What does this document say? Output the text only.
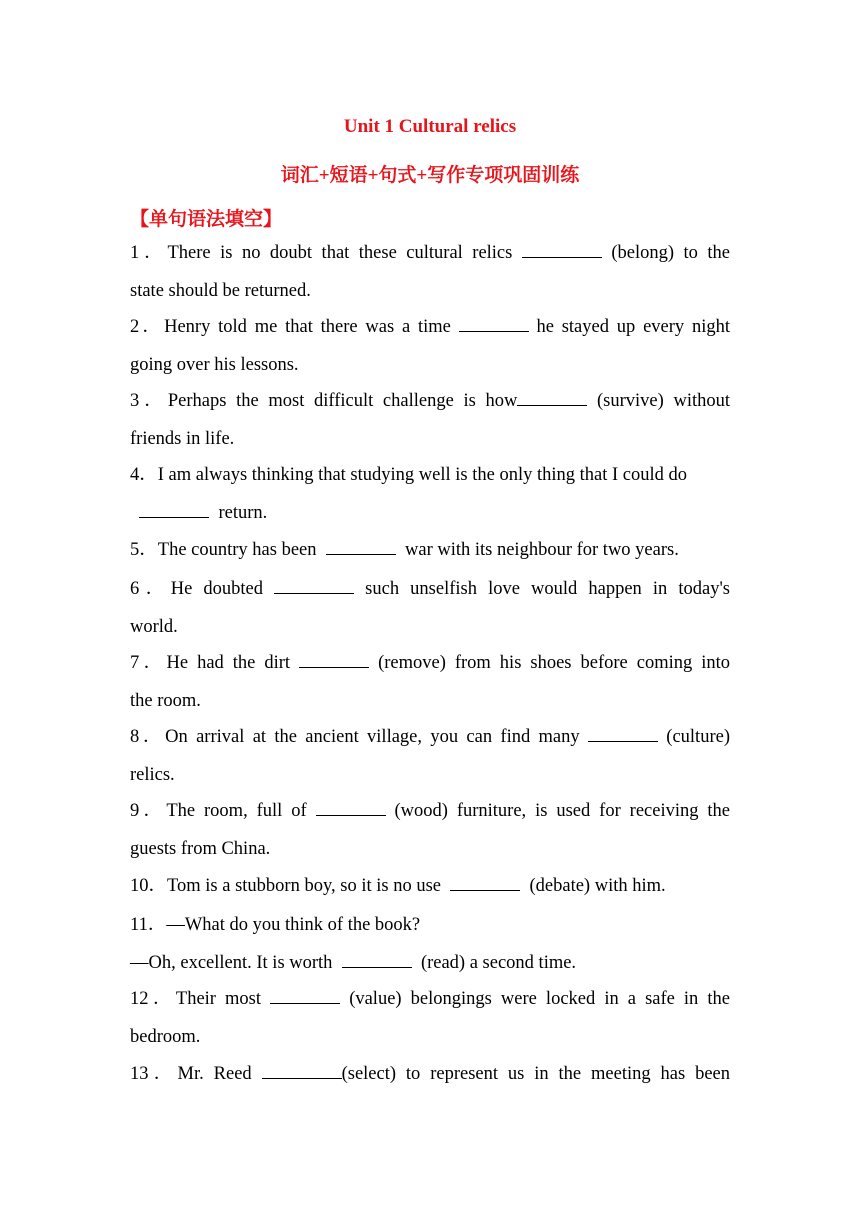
Unit 1 Cultural relics
词汇+短语+句式+写作专项巩固训练
【单句语法填空】
1．There is no doubt that these cultural relics	(belong) to the
state should be returned.
2．Henry told me that there was a time	he stayed up every night
going over his lessons.
3．Perhaps the most difficult challenge is how	(survive) without
friends in life.
4．I am always thinking that studying well is the only thing that I could do
return.
5．The country has been	war with its neighbour for two years.
6．He doubted	such unselfish love would happen in today's
world.
7．He had the dirt	(remove) from his shoes before coming into
the room.
8．On arrival at the ancient village, you can find many	(culture)
relics.
9．The room, full of	(wood) furniture, is used for receiving the
guests from China.
10．Tom is a stubborn boy, so it is no use	(debate) with him.
11．—What do you think of the book?
—Oh, excellent. It is worth	(read) a second time.
12．Their most	(value) belongings were locked in a safe in the
bedroom.
13．Mr. Reed	(select) to represent us in the meeting has been
